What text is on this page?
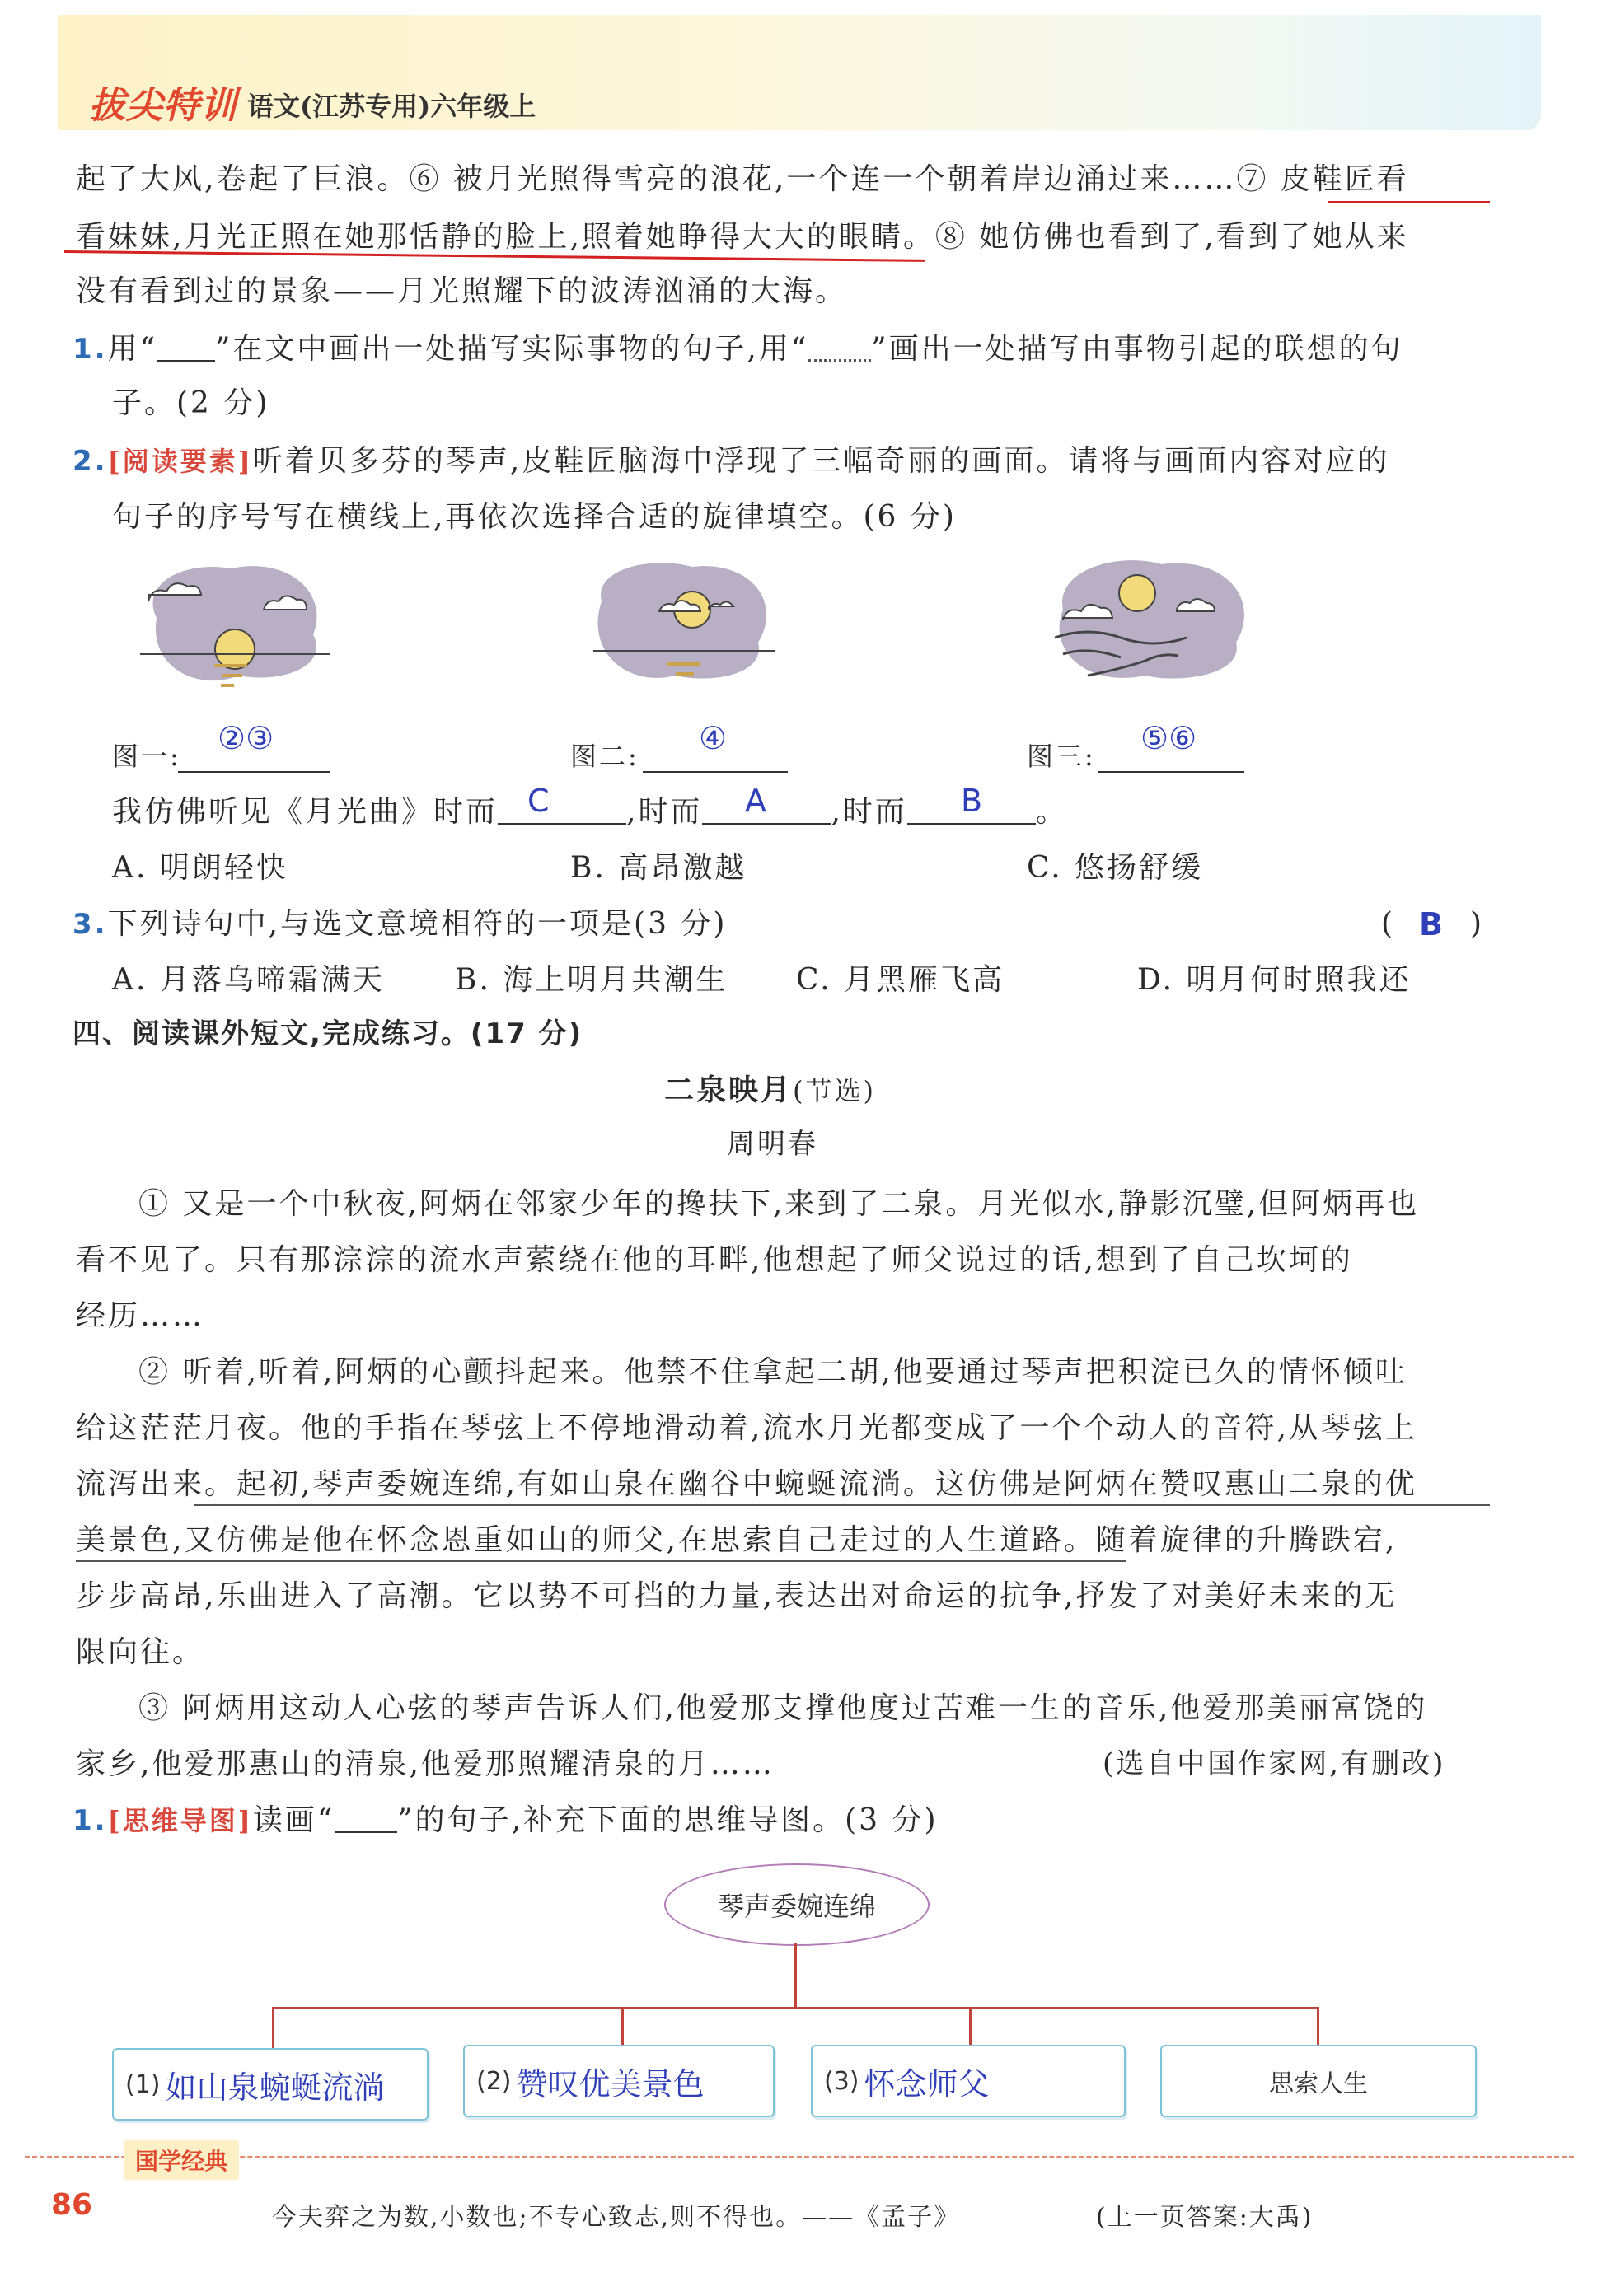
拔尖特训 语文(江苏专用)六年级上
起了大风,卷起了巨浪。⑥ 被月光照得雪亮的浪花,一个连一个朝着岸边涌过来……⑦ 皮鞋匠看
看妹妹,月光正照在她那恬静的脸上,照着她睁得大大的眼睛。⑧ 她仿佛也看到了,看到了她从来
没有看到过的景象——月光照耀下的波涛汹涌的大海。
1.用“ ”在文中画出一处描写实际事物的句子,用“ ”画出一处描写由事物引起的联想的句
子。(2 分)
2.[阅读要素]听着贝多芬的琴声,皮鞋匠脑海中浮现了三幅奇丽的画面。请将与画面内容对应的
句子的序号写在横线上,再依次选择合适的旋律填空。(6 分)
图一: ②③	图二: ④	图三: ⑤⑥
我仿佛听见《月光曲》时而	,时而	,时而	。
C	A	B
A. 明朗轻快	B. 高昂激越	C. 悠扬舒缓
3.下列诗句中,与选文意境相符的一项是(3 分)	(	)
B
A. 月落乌啼霜满天 B. 海上明月共潮生 C. 月黑雁飞高	D. 明月何时照我还
四、阅读课外短文,完成练习。(17 分)
二泉映月(节选)
周明春
① 又是一个中秋夜,阿炳在邻家少年的搀扶下,来到了二泉。月光似水,静影沉璧,但阿炳再也
看不见了。只有那淙淙的流水声萦绕在他的耳畔,他想起了师父说过的话,想到了自己坎坷的
经历……
② 听着,听着,阿炳的心颤抖起来。他禁不住拿起二胡,他要通过琴声把积淀已久的情怀倾吐
给这茫茫月夜。他的手指在琴弦上不停地滑动着,流水月光都变成了一个个动人的音符,从琴弦上
流泻出来。起初,琴声委婉连绵,有如山泉在幽谷中蜿蜒流淌。这仿佛是阿炳在赞叹惠山二泉的优
美景色,又仿佛是他在怀念恩重如山的师父,在思索自己走过的人生道路。随着旋律的升腾跌宕,
步步高昂,乐曲进入了高潮。它以势不可挡的力量,表达出对命运的抗争,抒发了对美好未来的无
限向往。
③ 阿炳用这动人心弦的琴声告诉人们,他爱那支撑他度过苦难一生的音乐,他爱那美丽富饶的
家乡,他爱那惠山的清泉,他爱那照耀清泉的月……	(选自中国作家网,有删改)
1.[思维导图]读画“ ”的句子,补充下面的思维导图。(3 分)
琴声委婉连绵
(1) 如山泉蜿蜒流淌	(2) 赞叹优美景色	(3) 怀念师父	思索人生
国学经典
86	今夫弈之为数,小数也;不专心致志,则不得也。——《孟子》	(上一页答案:大禹)
